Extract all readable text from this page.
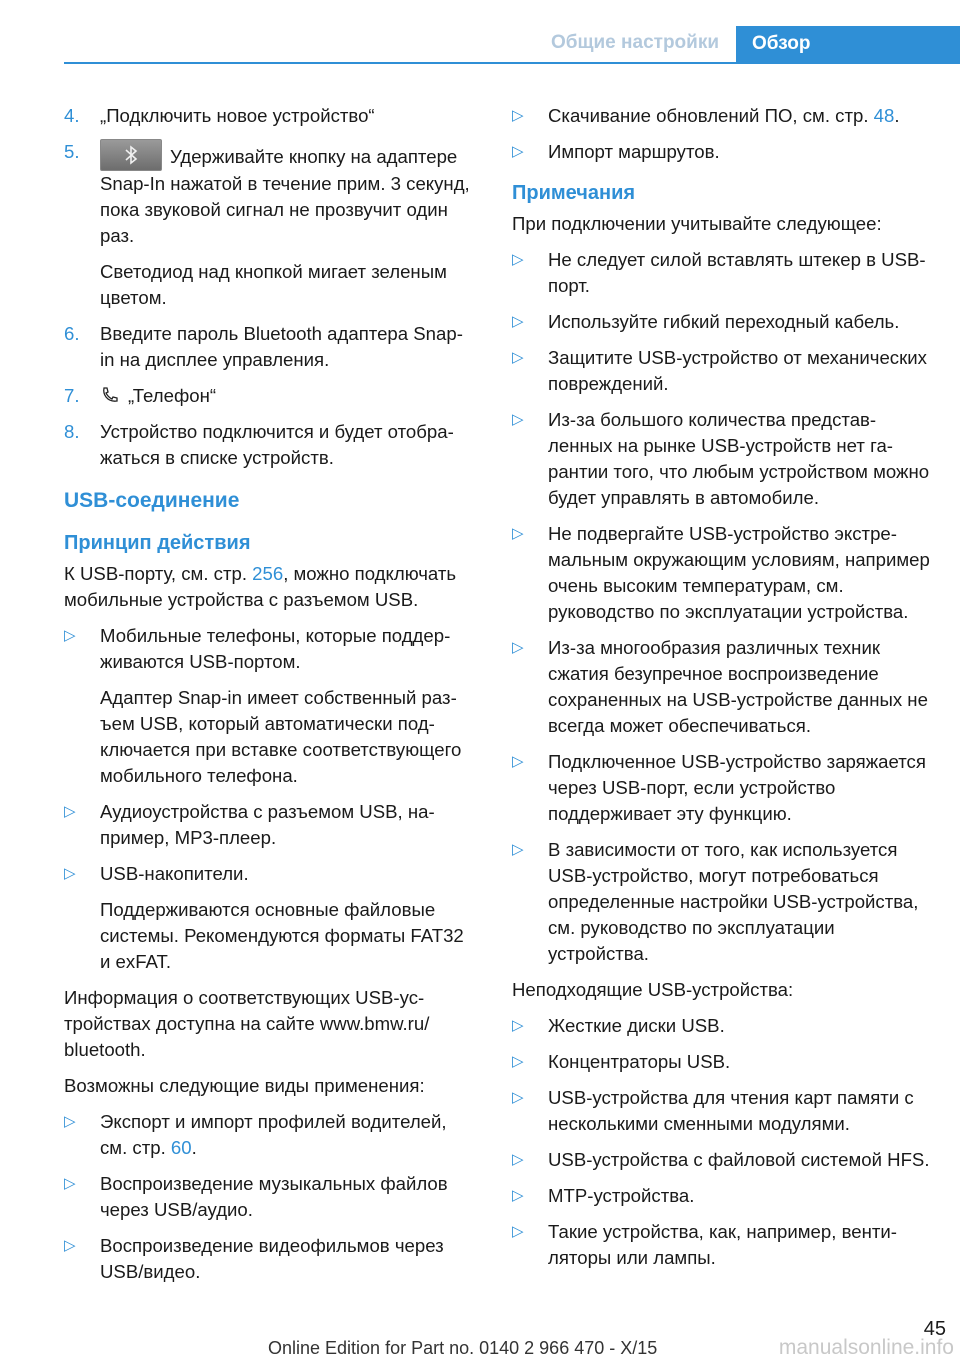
Общие настройки	Обзор
4. „Подключить новое устройство“
5.	Удерживайте кнопку на адаптере Snap-In нажатой в течение прим. 3 секунд, пока звуковой сигнал не прозвучит один раз.
Светодиод над кнопкой мигает зеленым цветом.
6. Введите пароль Bluetooth адаптера Snap-in на дисплее управления.
7.	„Телефон“
8. Устройство подключится и будет отображаться в списке устройств.
USB-соединение
Принцип действия
К USB-порту, см. стр. 256, можно подключать мобильные устройства с разъемом USB.
▷ Мобильные телефоны, которые поддерживаются USB-портом.
Адаптер Snap-in имеет собственный разъем USB, который автоматически подключается при вставке соответствующего мобильного телефона.
▷ Аудиоустройства с разъемом USB, например, MP3-плеер.
▷ USB-накопители.
Поддерживаются основные файловые системы. Рекомендуются форматы FAT32 и exFAT.
Информация о соответствующих USB-устройствах доступна на сайте www.bmw.ru/ bluetooth.
Возможны следующие виды применения:
▷ Экспорт и импорт профилей водителей, см. стр. 60.
▷ Воспроизведение музыкальных файлов через USB/аудио.
▷ Воспроизведение видеофильмов через USB/видео.
▷ Скачивание обновлений ПО, см. стр. 48.
▷ Импорт маршрутов.
Примечания
При подключении учитывайте следующее:
▷ Не следует силой вставлять штекер в USB-порт.
▷ Используйте гибкий переходный кабель.
▷ Защитите USB-устройство от механических повреждений.
▷ Из-за большого количества представленных на рынке USB-устройств нет гарантии того, что любым устройством можно будет управлять в автомобиле.
▷ Не подвергайте USB-устройство экстремальным окружающим условиям, например очень высоким температурам, см. руководство по эксплуатации устройства.
▷ Из-за многообразия различных техник сжатия безупречное воспроизведение сохраненных на USB-устройстве данных не всегда может обеспечиваться.
▷ Подключенное USB-устройство заряжается через USB-порт, если устройство поддерживает эту функцию.
▷ В зависимости от того, как используется USB-устройство, могут потребоваться определенные настройки USB-устройства, см. руководство по эксплуатации устройства.
Неподходящие USB-устройства:
▷ Жесткие диски USB.
▷ Концентраторы USB.
▷ USB-устройства для чтения карт памяти с несколькими сменными модулями.
▷ USB-устройства с файловой системой HFS.
▷ MTP-устройства.
▷ Такие устройства, как, например, вентиляторы или лампы.
45
Online Edition for Part no. 0140 2 966 470 - X/15	manualsonline.info
